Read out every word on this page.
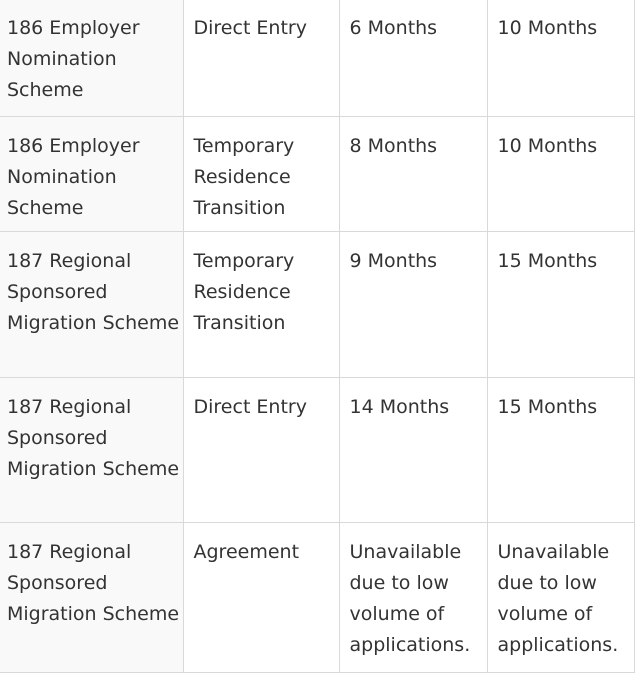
186 Employer Nomination Scheme	Direct Entry	6 Months	10 Months
186 Employer Nomination Scheme	Temporary Residence Transition	8 Months	10 Months
187 Regional Sponsored Migration Scheme	Temporary Residence Transition	9 Months	15 Months
187 Regional Sponsored Migration Scheme	Direct Entry	14 Months	15 Months
187 Regional Sponsored Migration Scheme	Agreement	Unavailable due to low volume of applications.	Unavailable due to low volume of applications.
